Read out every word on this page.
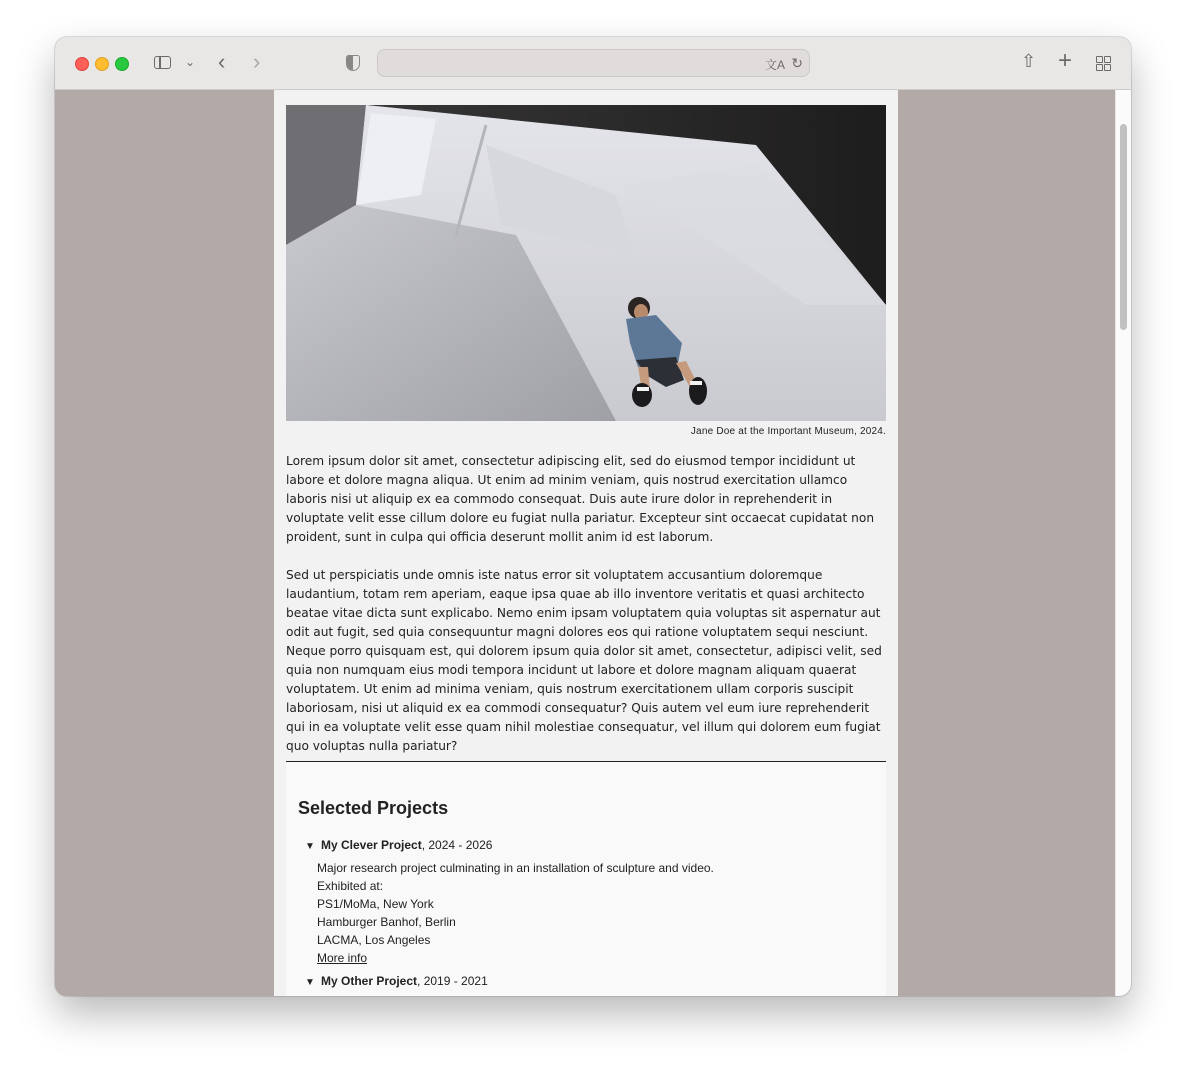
⌄ ‹ ›	文A ↻	⇧ +
Jane Doe at the Important Museum, 2024.

Lorem ipsum dolor sit amet, consectetur adipiscing elit, sed do eiusmod tempor incididunt ut labore et dolore magna aliqua. Ut enim ad minim veniam, quis nostrud exercitation ullamco laboris nisi ut aliquip ex ea commodo consequat. Duis aute irure dolor in reprehenderit in voluptate velit esse cillum dolore eu fugiat nulla pariatur. Excepteur sint occaecat cupidatat non proident, sunt in culpa qui officia deserunt mollit anim id est laborum.

Sed ut perspiciatis unde omnis iste natus error sit voluptatem accusantium doloremque laudantium, totam rem aperiam, eaque ipsa quae ab illo inventore veritatis et quasi architecto beatae vitae dicta sunt explicabo. Nemo enim ipsam voluptatem quia voluptas sit aspernatur aut odit aut fugit, sed quia consequuntur magni dolores eos qui ratione voluptatem sequi nesciunt. Neque porro quisquam est, qui dolorem ipsum quia dolor sit amet, consectetur, adipisci velit, sed quia non numquam eius modi tempora incidunt ut labore et dolore magnam aliquam quaerat voluptatem. Ut enim ad minima veniam, quis nostrum exercitationem ullam corporis suscipit laboriosam, nisi ut aliquid ex ea commodi consequatur? Quis autem vel eum iure reprehenderit qui in ea voluptate velit esse quam nihil molestiae consequatur, vel illum qui dolorem eum fugiat quo voluptas nulla pariatur?

Selected Projects
▼ My Clever Project, 2024 - 2026
Major research project culminating in an installation of sculpture and video.
Exhibited at:
PS1/MoMa, New York
Hamburger Banhof, Berlin
LACMA, Los Angeles
More info
▼ My Other Project, 2019 - 2021
